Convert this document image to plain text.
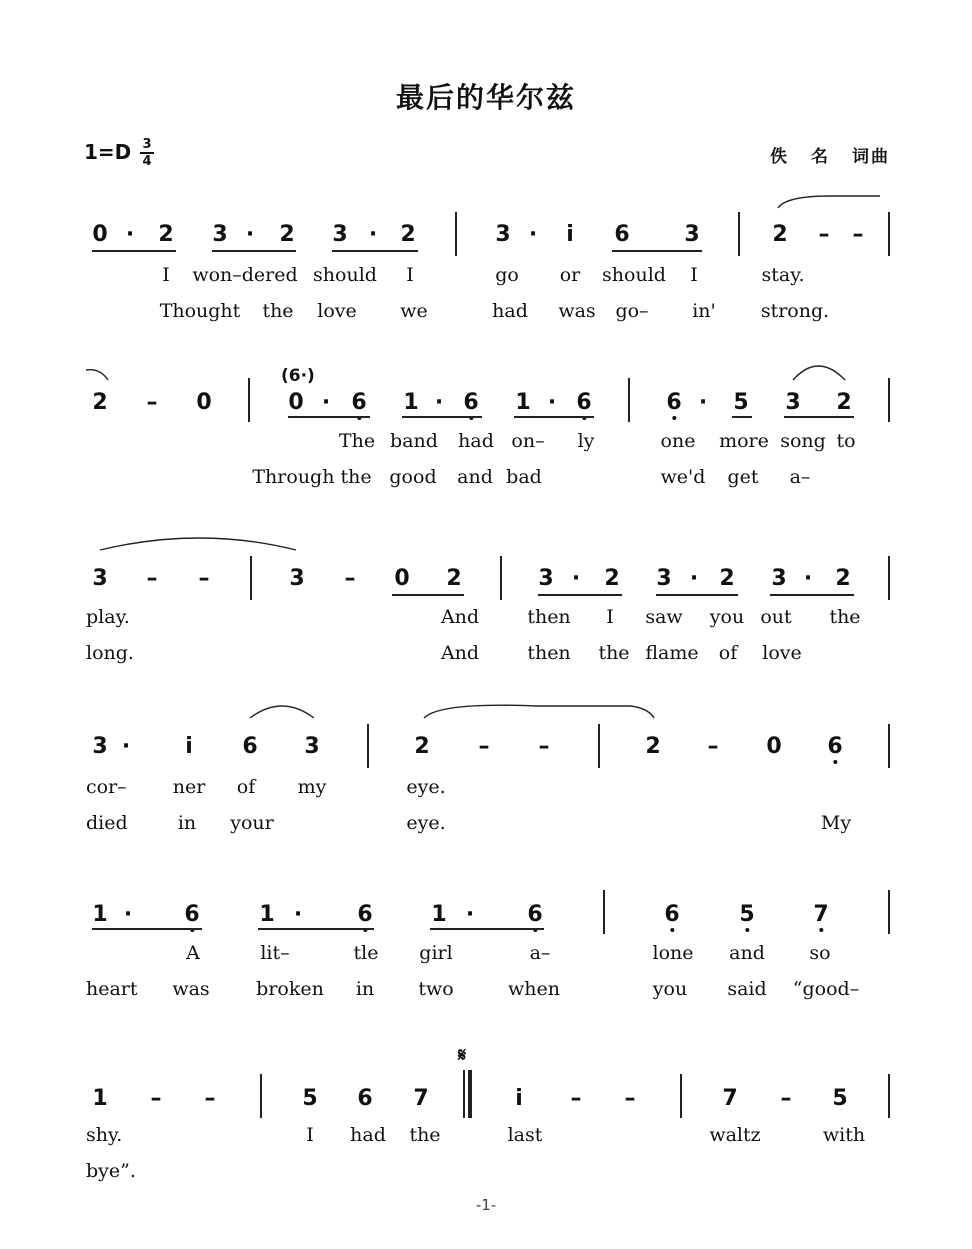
最后的华尔兹
1=D 3
4	佚 名 词曲
0 · 2 3 · 2 3 · 2	3 · i 6 3	2 – –
I won–dered should I	go or should I	stay.
Thought the love we	had was go– in' strong.
(6·)
2 – 0	0 · 6 1 · 6 1 · 6	6 · 5 3 2
The band had on– ly	one more song to
Through the good and bad	we'd get a–
3 – –	3 – 0 2	3 · 2 3 · 2 3 · 2
play.	And	then I saw you out the
long.	And	then the flame of love
3 ·	i 6 3	2 – –	2 – 0 6
cor– ner of my	eye.
died	in your	eye.	My
1 · 6	1 ·	6	1 · 6	6	5	7
A	lit–	tle girl	a–	lone and so
heart was broken in two	when	you said “good–
𝄋
1 – –	5 6 7	i – –	7 – 5
shy.	I had the	last	waltz	with
bye”.
-1-
